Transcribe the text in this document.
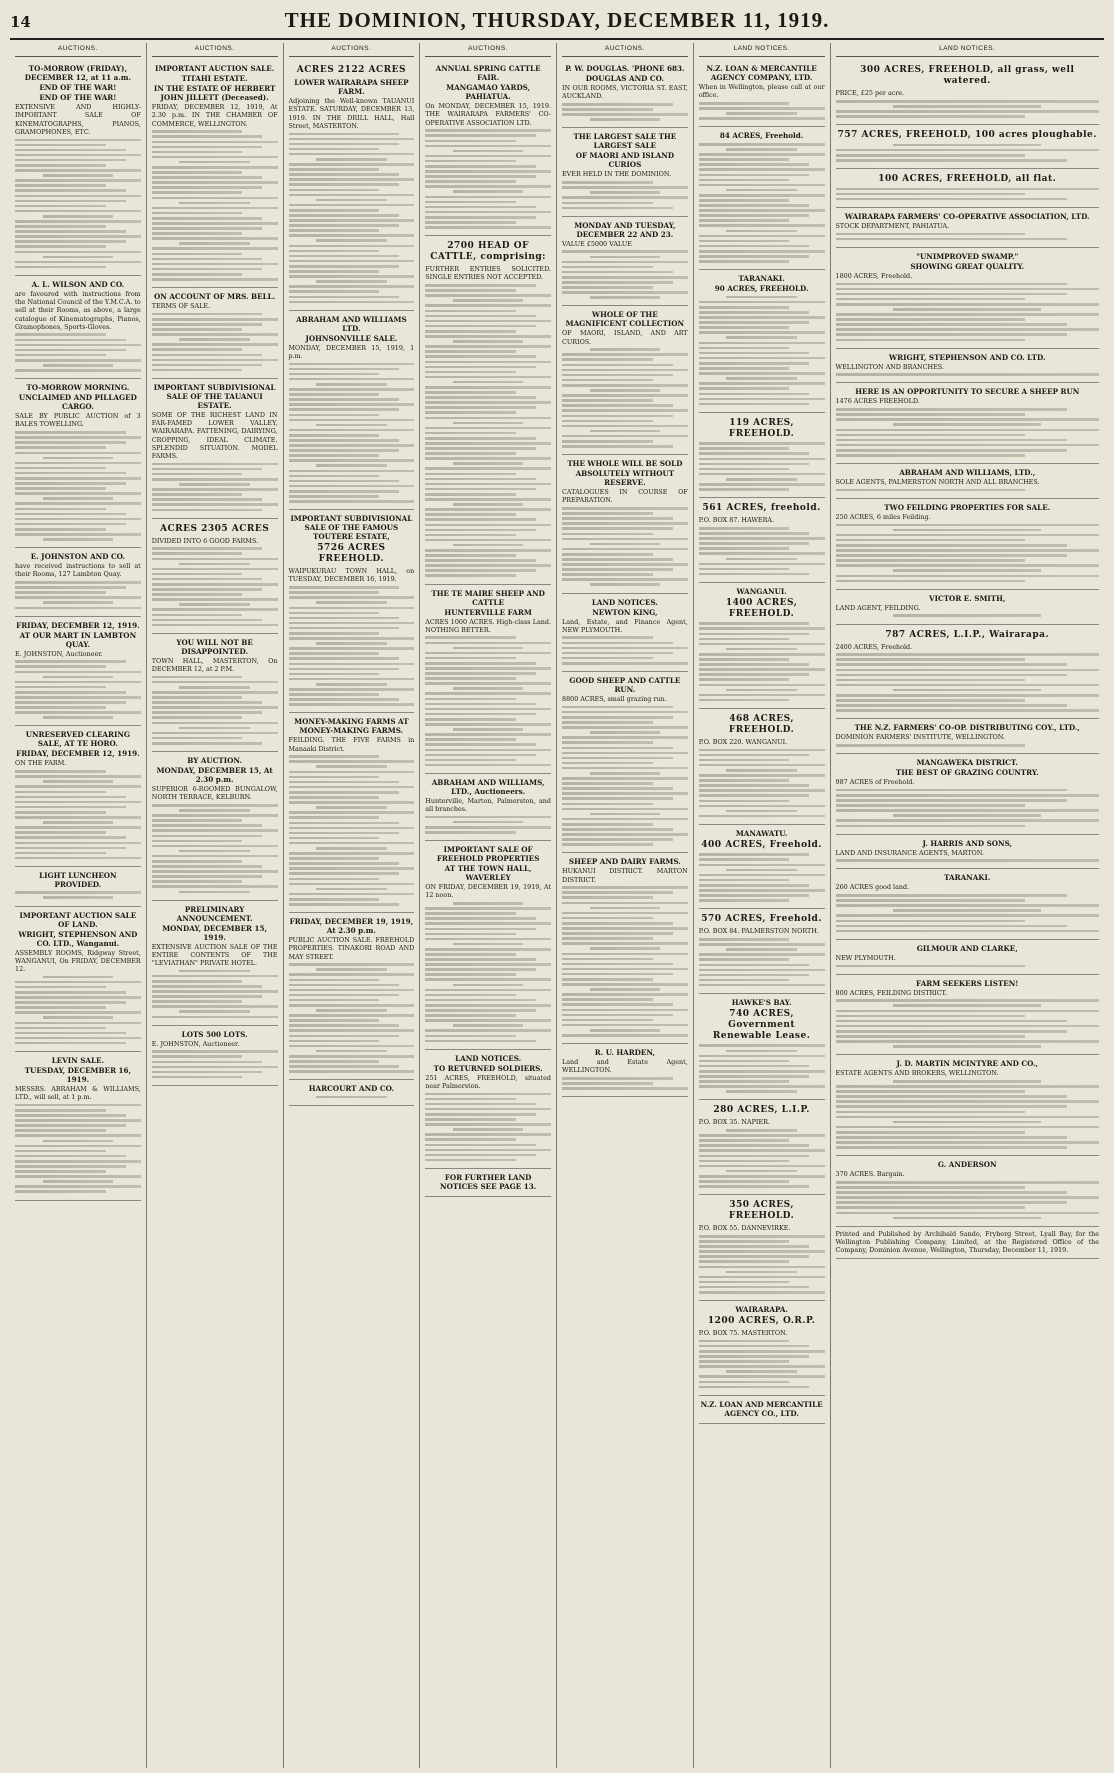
14	THE DOMINION, THURSDAY, DECEMBER 11, 1919.
AUCTIONS.
TO-MORROW (FRIDAY), DECEMBER 12, at 11 a.m.
END OF THE WAR!
END OF THE WAR!

EXTENSIVE AND HIGHLY-IMPORTANT SALE OF KINEMATOGRAPHS, PIANOS, GRAMOPHONES, ETC.

A. L. WILSON AND CO.

are favoured with instructions from the National Council of the Y.M.C.A. to sell at their Rooms, as above, a large catalogue of Kinematographs, Pianos, Gramophones, Sports-Gloves.

TO-MORROW MORNING.
UNCLAIMED AND PILLAGED CARGO.

SALE BY PUBLIC AUCTION of 3 BALES TOWELLING.

E. JOHNSTON AND CO.

have received instructions to sell at their Rooms, 127 Lambton Quay.

FRIDAY, DECEMBER 12, 1919.
AT OUR MART IN LAMBTON QUAY.

E. JOHNSTON, Auctioneer.

UNRESERVED CLEARING SALE, AT TE HORO.
FRIDAY, DECEMBER 12, 1919.

ON THE FARM.

LIGHT LUNCHEON PROVIDED.
IMPORTANT AUCTION SALE OF LAND.
WRIGHT, STEPHENSON AND CO. LTD., Wanganui.

ASSEMBLY ROOMS, Ridgway Street, WANGANUI, On FRIDAY, DECEMBER 12.

LEVIN SALE.
TUESDAY, DECEMBER 16, 1919.

MESSRS. ABRAHAM & WILLIAMS, LTD., will sell, at 1 p.m.

AUCTIONS.
IMPORTANT AUCTION SALE.
TITAHI ESTATE.
IN THE ESTATE OF HERBERT JOHN JILLETT (Deceased).

FRIDAY, DECEMBER 12, 1919, At 2.30 p.m. IN THE CHAMBER OF COMMERCE, WELLINGTON.

ON ACCOUNT OF MRS. BELL.

TERMS OF SALE.

IMPORTANT SUBDIVISIONAL SALE OF THE TAUANUI ESTATE.

SOME OF THE RICHEST LAND IN FAR-FAMED LOWER VALLEY, WAIRARAPA. FATTENING, DAIRYING, CROPPING, IDEAL CLIMATE. SPLENDID SITUATION. MODEL FARMS.

ACRES 2305 ACRES

DIVIDED INTO 6 GOOD FARMS.

YOU WILL NOT BE DISAPPOINTED.

TOWN HALL, MASTERTON, On DECEMBER 12, at 2 P.M.

BY AUCTION.
MONDAY, DECEMBER 15, At 2.30 p.m.

SUPERIOR 6-ROOMED BUNGALOW, NORTH TERRACE, KELBURN.

PRELIMINARY ANNOUNCEMENT.
MONDAY, DECEMBER 15, 1919.

EXTENSIVE AUCTION SALE OF THE ENTIRE CONTENTS OF THE "LEVIATHAN" PRIVATE HOTEL.

LOTS 500 LOTS.

E. JOHNSTON, Auctioneer.

AUCTIONS.
ACRES 2122 ACRES
LOWER WAIRARAPA SHEEP FARM.

Adjoining the Well-known TAUANUI ESTATE. SATURDAY, DECEMBER 13, 1919. IN THE DRILL HALL, Hall Street, MASTERTON.

ABRAHAM AND WILLIAMS LTD.
JOHNSONVILLE SALE.

MONDAY, DECEMBER 15, 1919, 1 p.m.

IMPORTANT SUBDIVISIONAL SALE OF THE FAMOUS TOUTERE ESTATE,
5726 ACRES FREEHOLD.

WAIPUKURAU TOWN HALL, on TUESDAY, DECEMBER 16, 1919.

MONEY-MAKING FARMS AT MONEY-MAKING FARMS.

FEILDING. THE FIVE FARMS in Manaaki District.

FRIDAY, DECEMBER 19, 1919, At 2.30 p.m.

PUBLIC AUCTION SALE. FREEHOLD PROPERTIES. TINAKORI ROAD AND MAY STREET.

HARCOURT AND CO.
AUCTIONS.
ANNUAL SPRING CATTLE FAIR.
MANGAMAO YARDS, PAHIATUA.

On MONDAY, DECEMBER 15, 1919. THE WAIRARAPA FARMERS' CO-OPERATIVE ASSOCIATION LTD.

2700 HEAD OF CATTLE, comprising:

FURTHER ENTRIES SOLICITED. SINGLE ENTRIES NOT ACCEPTED.

THE TE MAIRE SHEEP AND CATTLE
HUNTERVILLE FARM

ACRES 1000 ACRES. High-class Land. NOTHING BETTER.

ABRAHAM AND WILLIAMS, LTD., Auctioneers.

Hunterville, Marton, Palmerston, and all branches.

IMPORTANT SALE OF FREEHOLD PROPERTIES
AT THE TOWN HALL, WAVERLEY

ON FRIDAY, DECEMBER 19, 1919, At 12 noon.

LAND NOTICES.
TO RETURNED SOLDIERS.

251 ACRES, FREEHOLD, situated near Palmerston.

FOR FURTHER LAND NOTICES SEE PAGE 13.
AUCTIONS.
P. W. DOUGLAS. 'PHONE 683.
DOUGLAS AND CO.

IN OUR ROOMS, VICTORIA ST. EAST, AUCKLAND.

THE LARGEST SALE THE LARGEST SALE
OF MAORI AND ISLAND CURIOS

EVER HELD IN THE DOMINION.

MONDAY AND TUESDAY, DECEMBER 22 AND 23.

VALUE £5000 VALUE

WHOLE OF THE MAGNIFICENT COLLECTION

OF MAORI, ISLAND, AND ART CURIOS.

THE WHOLE WILL BE SOLD
ABSOLUTELY WITHOUT RESERVE.

CATALOGUES IN COURSE OF PREPARATION.

LAND NOTICES.
NEWTON KING,

Land, Estate, and Finance Agent, NEW PLYMOUTH.

GOOD SHEEP AND CATTLE RUN.

8800 ACRES, small grazing run.

SHEEP AND DAIRY FARMS.

HUKANUI DISTRICT. MARTON DISTRICT.

R. U. HARDEN,

Land and Estate Agent, WELLINGTON.

LAND NOTICES.
N.Z. LOAN & MERCANTILE AGENCY COMPANY, LTD.

When in Wellington, please call at our office.

84 ACRES, Freehold.
TARANAKI.
90 ACRES, FREEHOLD.
119 ACRES, FREEHOLD.
561 ACRES, freehold.

P.O. BOX 87. HAWERA.

WANGANUI.
1400 ACRES, FREEHOLD.
468 ACRES, FREEHOLD.

P.O. BOX 220. WANGANUI.

MANAWATU.
400 ACRES, Freehold.
570 ACRES, Freehold.

P.O. BOX 84. PALMERSTON NORTH.

HAWKE'S BAY.
740 ACRES, Government Renewable Lease.
280 ACRES, L.I.P.

P.O. BOX 35. NAPIER.

350 ACRES, FREEHOLD.

P.O. BOX 55. DANNEVIRKE.

WAIRARAPA.
1200 ACRES, O.R.P.

P.O. BOX 75. MASTERTON.

N.Z. LOAN AND MERCANTILE AGENCY CO., LTD.
LAND NOTICES.
300 ACRES, FREEHOLD, all grass, well watered.

PRICE, £25 per acre.

757 ACRES, FREEHOLD, 100 acres ploughable.
100 ACRES, FREEHOLD, all flat.
WAIRARAPA FARMERS' CO-OPERATIVE ASSOCIATION, LTD.

STOCK DEPARTMENT, PAHIATUA.

"UNIMPROVED SWAMP."
SHOWING GREAT QUALITY.

1800 ACRES, Freehold.

WRIGHT, STEPHENSON AND CO. LTD.

WELLINGTON AND BRANCHES.

HERE IS AN OPPORTUNITY TO SECURE A SHEEP RUN

1476 ACRES FREEHOLD.

ABRAHAM AND WILLIAMS, LTD.,

SOLE AGENTS, PALMERSTON NORTH AND ALL BRANCHES.

TWO FEILDING PROPERTIES FOR SALE.

250 ACRES, 6 miles Feilding.

VICTOR E. SMITH,

LAND AGENT, FEILDING.

787 ACRES, L.I.P., Wairarapa.

2400 ACRES, Freehold.

THE N.Z. FARMERS' CO-OP. DISTRIBUTING COY., LTD.,

DOMINION FARMERS' INSTITUTE, WELLINGTON.

MANGAWEKA DISTRICT.
THE BEST OF GRAZING COUNTRY.

987 ACRES of Freehold.

J. HARRIS AND SONS,

LAND AND INSURANCE AGENTS, MARTON.

TARANAKI.

260 ACRES good land.

GILMOUR AND CLARKE,

NEW PLYMOUTH.

FARM SEEKERS LISTEN!

800 ACRES, FEILDING DISTRICT.

J. D. MARTIN MCINTYRE AND CO.,

ESTATE AGENTS AND BROKERS, WELLINGTON.

G. ANDERSON

370 ACRES. Bargain.

Printed and Published by Archibald Sando, Fryberg Street, Lyall Bay, for the Wellington Publishing Company, Limited, at the Registered Office of the Company, Dominion Avenue, Wellington, Thursday, December 11, 1919.
